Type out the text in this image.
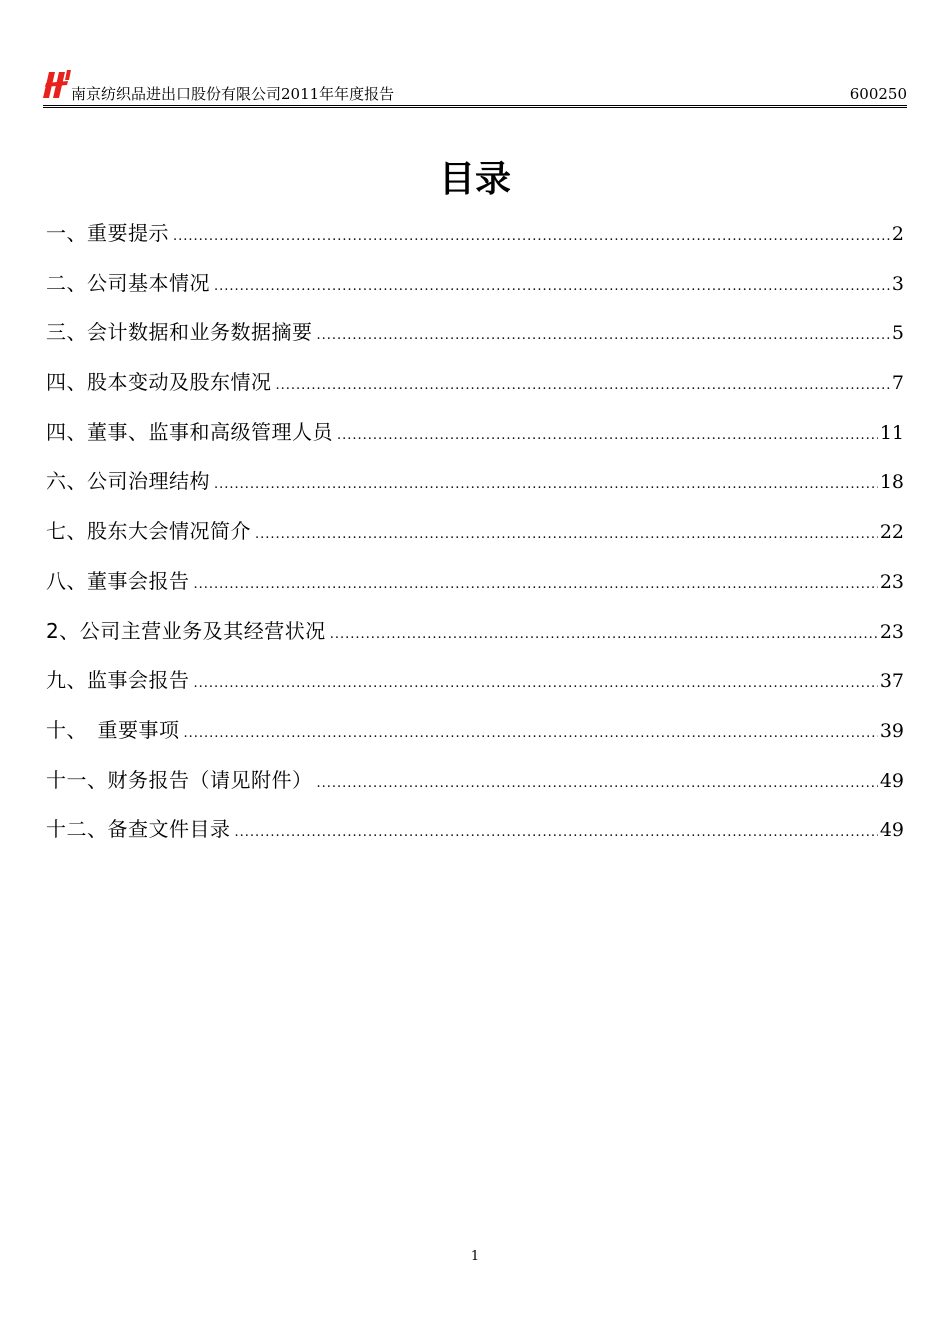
南京纺织品进出口股份有限公司2011年年度报告	600250
目录
一、重要提示 .....	2
二、公司基本情况 .....	3
三、会计数据和业务数据摘要 .....	5
四、股本变动及股东情况 .....	7
四、董事、监事和高级管理人员 .....	11
六、公司治理结构 .....	18
七、股东大会情况简介 .....	22
八、董事会报告 .....	23
2、公司主营业务及其经营状况 .....	23
九、监事会报告 .....	37
十、　重要事项 .....	39
十一、财务报告（请见附件） .....	49
十二、备查文件目录 .....	49
1
